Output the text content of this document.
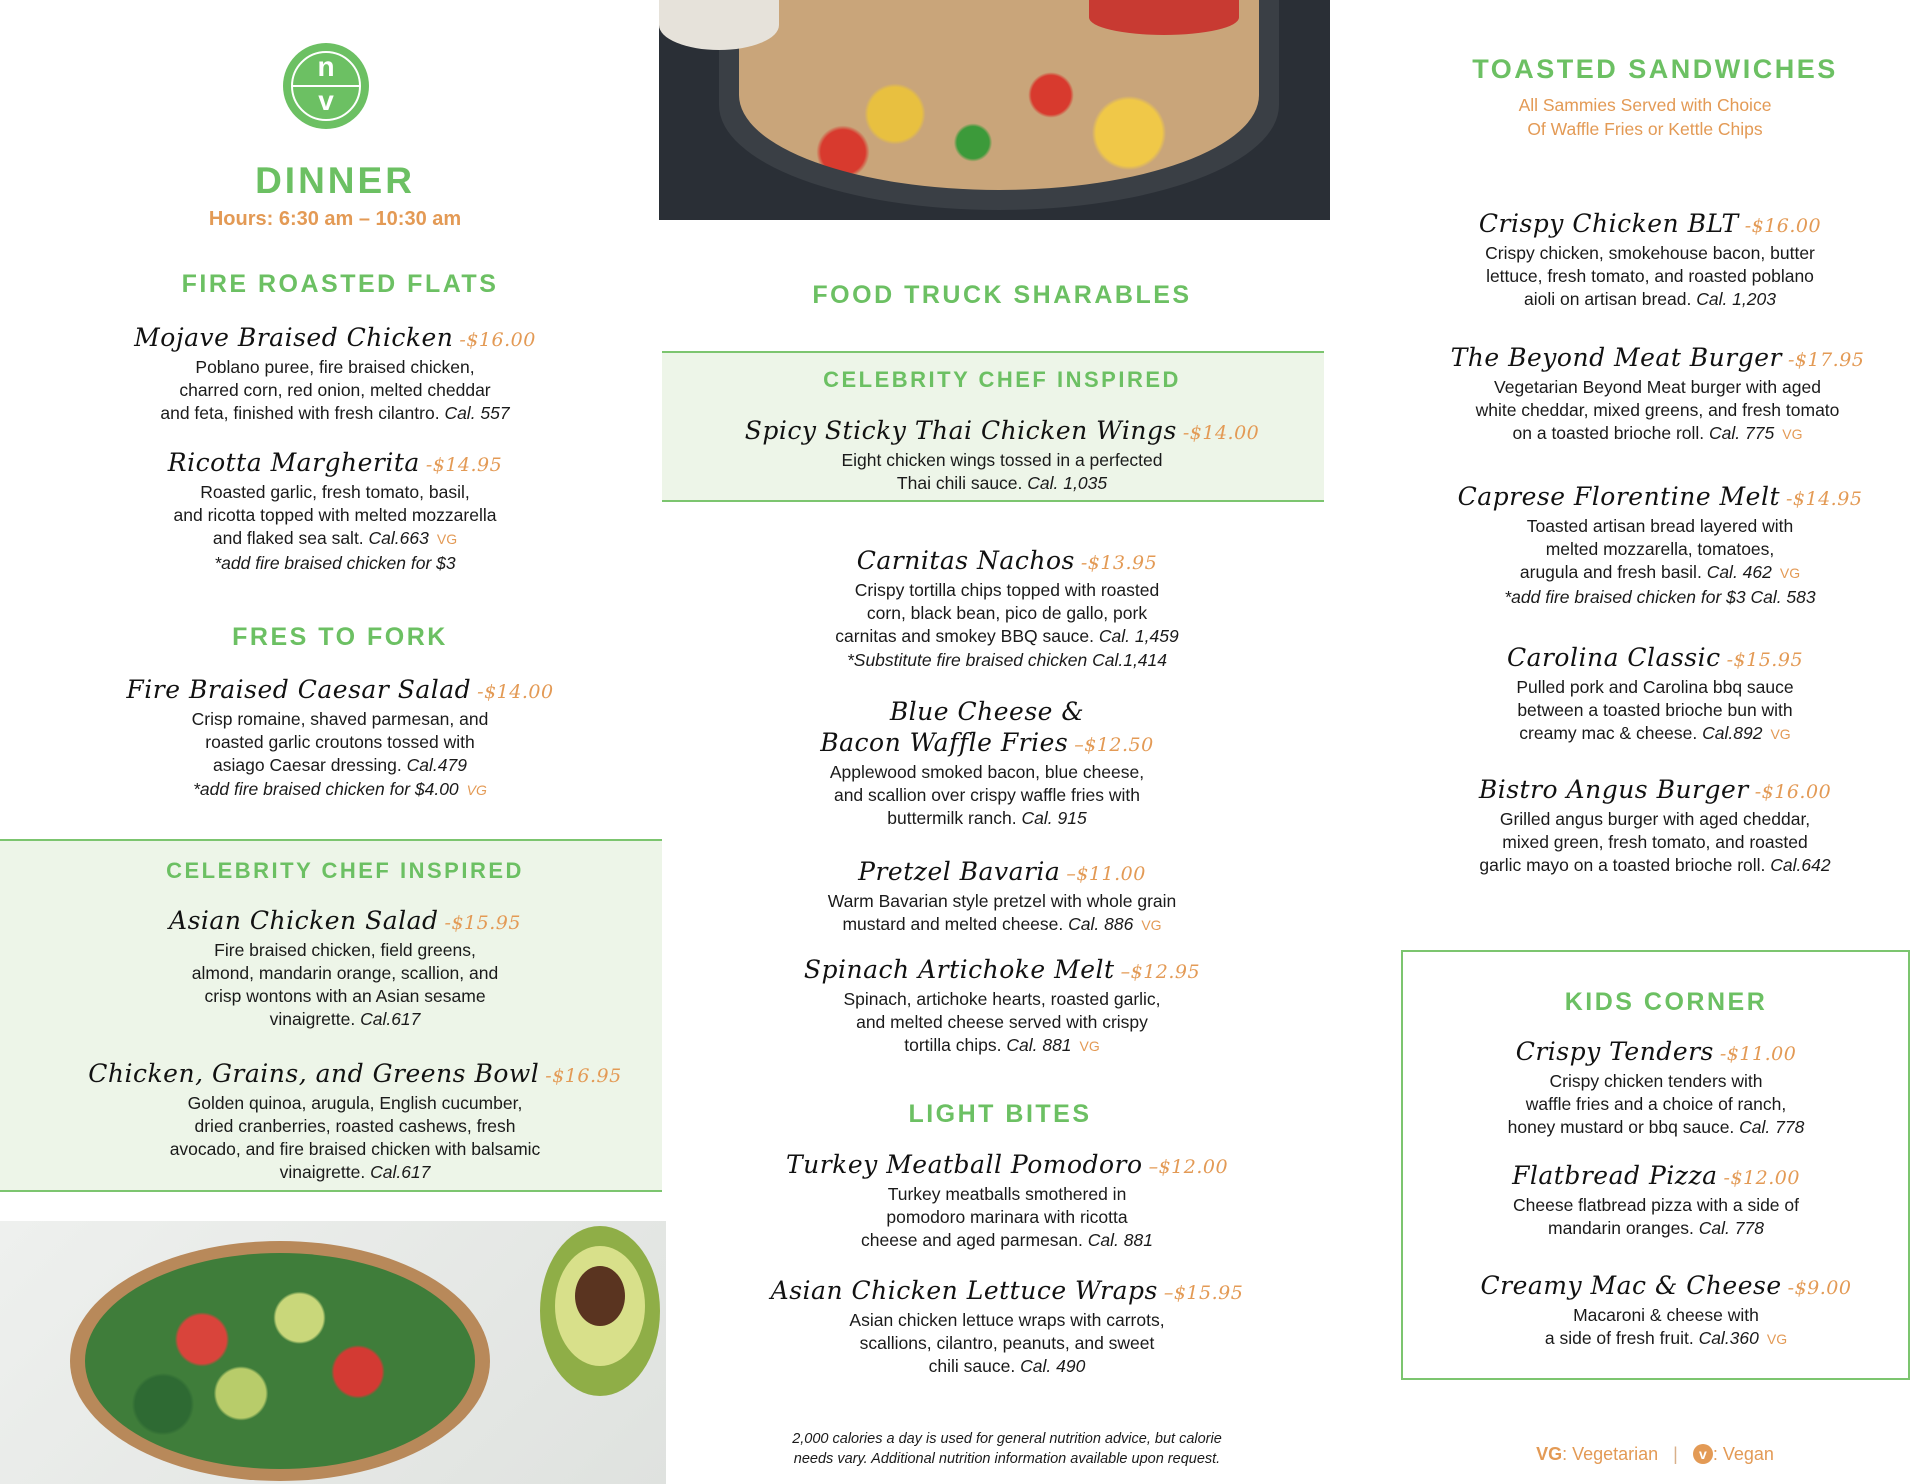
n
v
DINNER
Hours: 6:30 am – 10:30 am
FIRE ROASTED FLATS
Mojave Braised Chicken -$16.00
Poblano puree, fire braised chicken,
charred corn, red onion, melted cheddar
and feta, finished with fresh cilantro. Cal. 557
Ricotta Margherita -$14.95
Roasted garlic, fresh tomato, basil,
and ricotta topped with melted mozzarella
and flaked sea salt. Cal.663 VG
*add fire braised chicken for $3
FRES TO FORK
Fire Braised Caesar Salad -$14.00
Crisp romaine, shaved parmesan, and
roasted garlic croutons tossed with
asiago Caesar dressing. Cal.479
*add fire braised chicken for $4.00 VG
CELEBRITY CHEF INSPIRED
Asian Chicken Salad -$15.95
Fire braised chicken, field greens,
almond, mandarin orange, scallion, and
crisp wontons with an Asian sesame
vinaigrette. Cal.617
Chicken, Grains, and Greens Bowl -$16.95
Golden quinoa, arugula, English cucumber,
dried cranberries, roasted cashews, fresh
avocado, and fire braised chicken with balsamic
vinaigrette. Cal.617
FOOD TRUCK SHARABLES
CELEBRITY CHEF INSPIRED
Spicy Sticky Thai Chicken Wings -$14.00
Eight chicken wings tossed in a perfected
Thai chili sauce. Cal. 1,035
Carnitas Nachos -$13.95
Crispy tortilla chips topped with roasted
corn, black bean, pico de gallo, pork
carnitas and smokey BBQ sauce. Cal. 1,459
*Substitute fire braised chicken Cal.1,414
Blue Cheese &
Bacon Waffle Fries –$12.50
Applewood smoked bacon, blue cheese,
and scallion over crispy waffle fries with
buttermilk ranch. Cal. 915
Pretzel Bavaria –$11.00
Warm Bavarian style pretzel with whole grain
mustard and melted cheese. Cal. 886 VG
Spinach Artichoke Melt –$12.95
Spinach, artichoke hearts, roasted garlic,
and melted cheese served with crispy
tortilla chips. Cal. 881 VG
LIGHT BITES
Turkey Meatball Pomodoro –$12.00
Turkey meatballs smothered in
pomodoro marinara with ricotta
cheese and aged parmesan. Cal. 881
Asian Chicken Lettuce Wraps –$15.95
Asian chicken lettuce wraps with carrots,
scallions, cilantro, peanuts, and sweet
chili sauce. Cal. 490
2,000 calories a day is used for general nutrition advice, but calorie
needs vary. Additional nutrition information available upon request.
TOASTED SANDWICHES
All Sammies Served with Choice
Of Waffle Fries or Kettle Chips
Crispy Chicken BLT -$16.00
Crispy chicken, smokehouse bacon, butter
lettuce, fresh tomato, and roasted poblano
aioli on artisan bread. Cal. 1,203
The Beyond Meat Burger -$17.95
Vegetarian Beyond Meat burger with aged
white cheddar, mixed greens, and fresh tomato
on a toasted brioche roll. Cal. 775 VG
Caprese Florentine Melt -$14.95
Toasted artisan bread layered with
melted mozzarella, tomatoes,
arugula and fresh basil. Cal. 462 VG
*add fire braised chicken for $3 Cal. 583
Carolina Classic -$15.95
Pulled pork and Carolina bbq sauce
between a toasted brioche bun with
creamy mac & cheese. Cal.892 VG
Bistro Angus Burger -$16.00
Grilled angus burger with aged cheddar,
mixed green, fresh tomato, and roasted
garlic mayo on a toasted brioche roll. Cal.642
KIDS CORNER
Crispy Tenders -$11.00
Crispy chicken tenders with
waffle fries and a choice of ranch,
honey mustard or bbq sauce. Cal. 778
Flatbread Pizza -$12.00
Cheese flatbread pizza with a side of
mandarin oranges. Cal. 778
Creamy Mac & Cheese -$9.00
Macaroni & cheese with
a side of fresh fruit. Cal.360 VG
VG: Vegetarian | v : Vegan
